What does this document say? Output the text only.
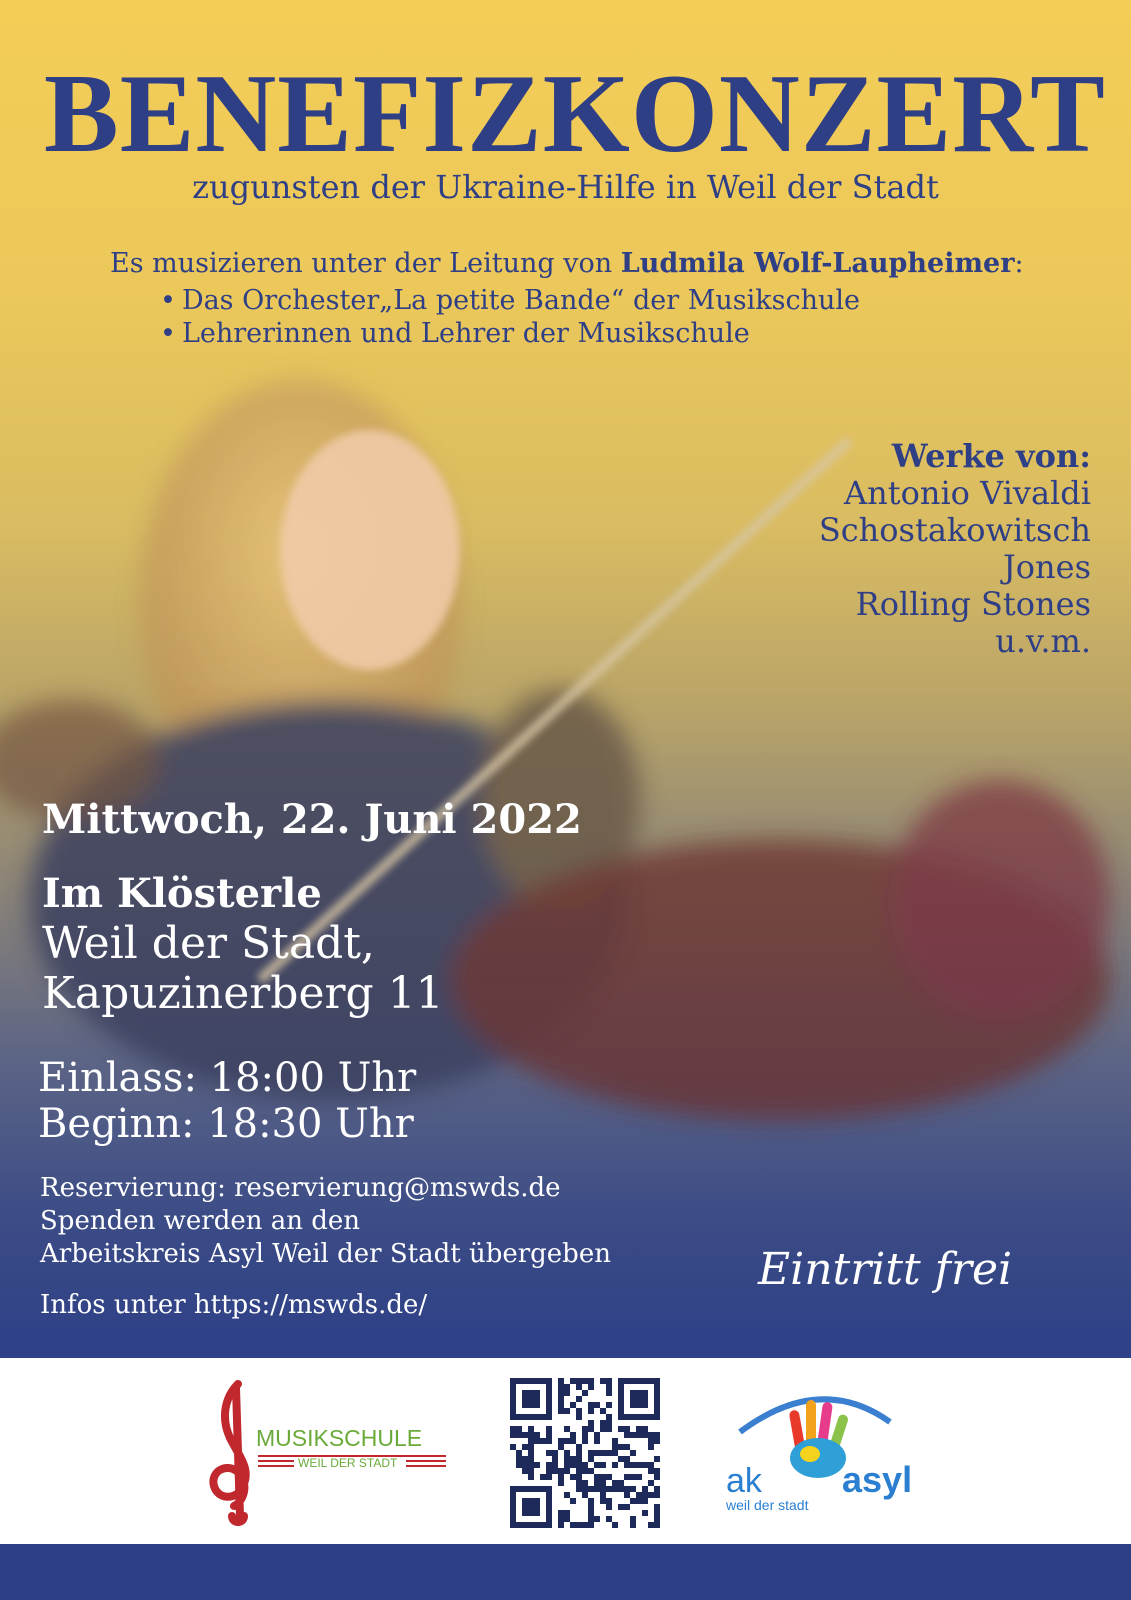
BENEFIZKONZERT

zugunsten der Ukraine-Hilfe in Weil der Stadt

Es musizieren unter der Leitung von Ludmila Wolf-Laupheimer:

• Das Orchester„La petite Bande“ der Musikschule
• Lehrerinnen und Lehrer der Musikschule
Werke von:
Antonio Vivaldi
Schostakowitsch
Jones
Rolling Stones
u.v.m.

Mittwoch, 22. Juni 2022

Im Klösterle

Weil der Stadt,
Kapuzinerberg 11
Einlass: 18:00 Uhr
Beginn: 18:30 Uhr
Reservierung: reservierung@mswds.de
Spenden werden an den
Arbeitskreis Asyl Weil der Stadt übergeben

Infos unter https://mswds.de/

Eintritt frei

MUSIKSCHULE
WEIL DER STADT	ak asyl
weil der stadt
